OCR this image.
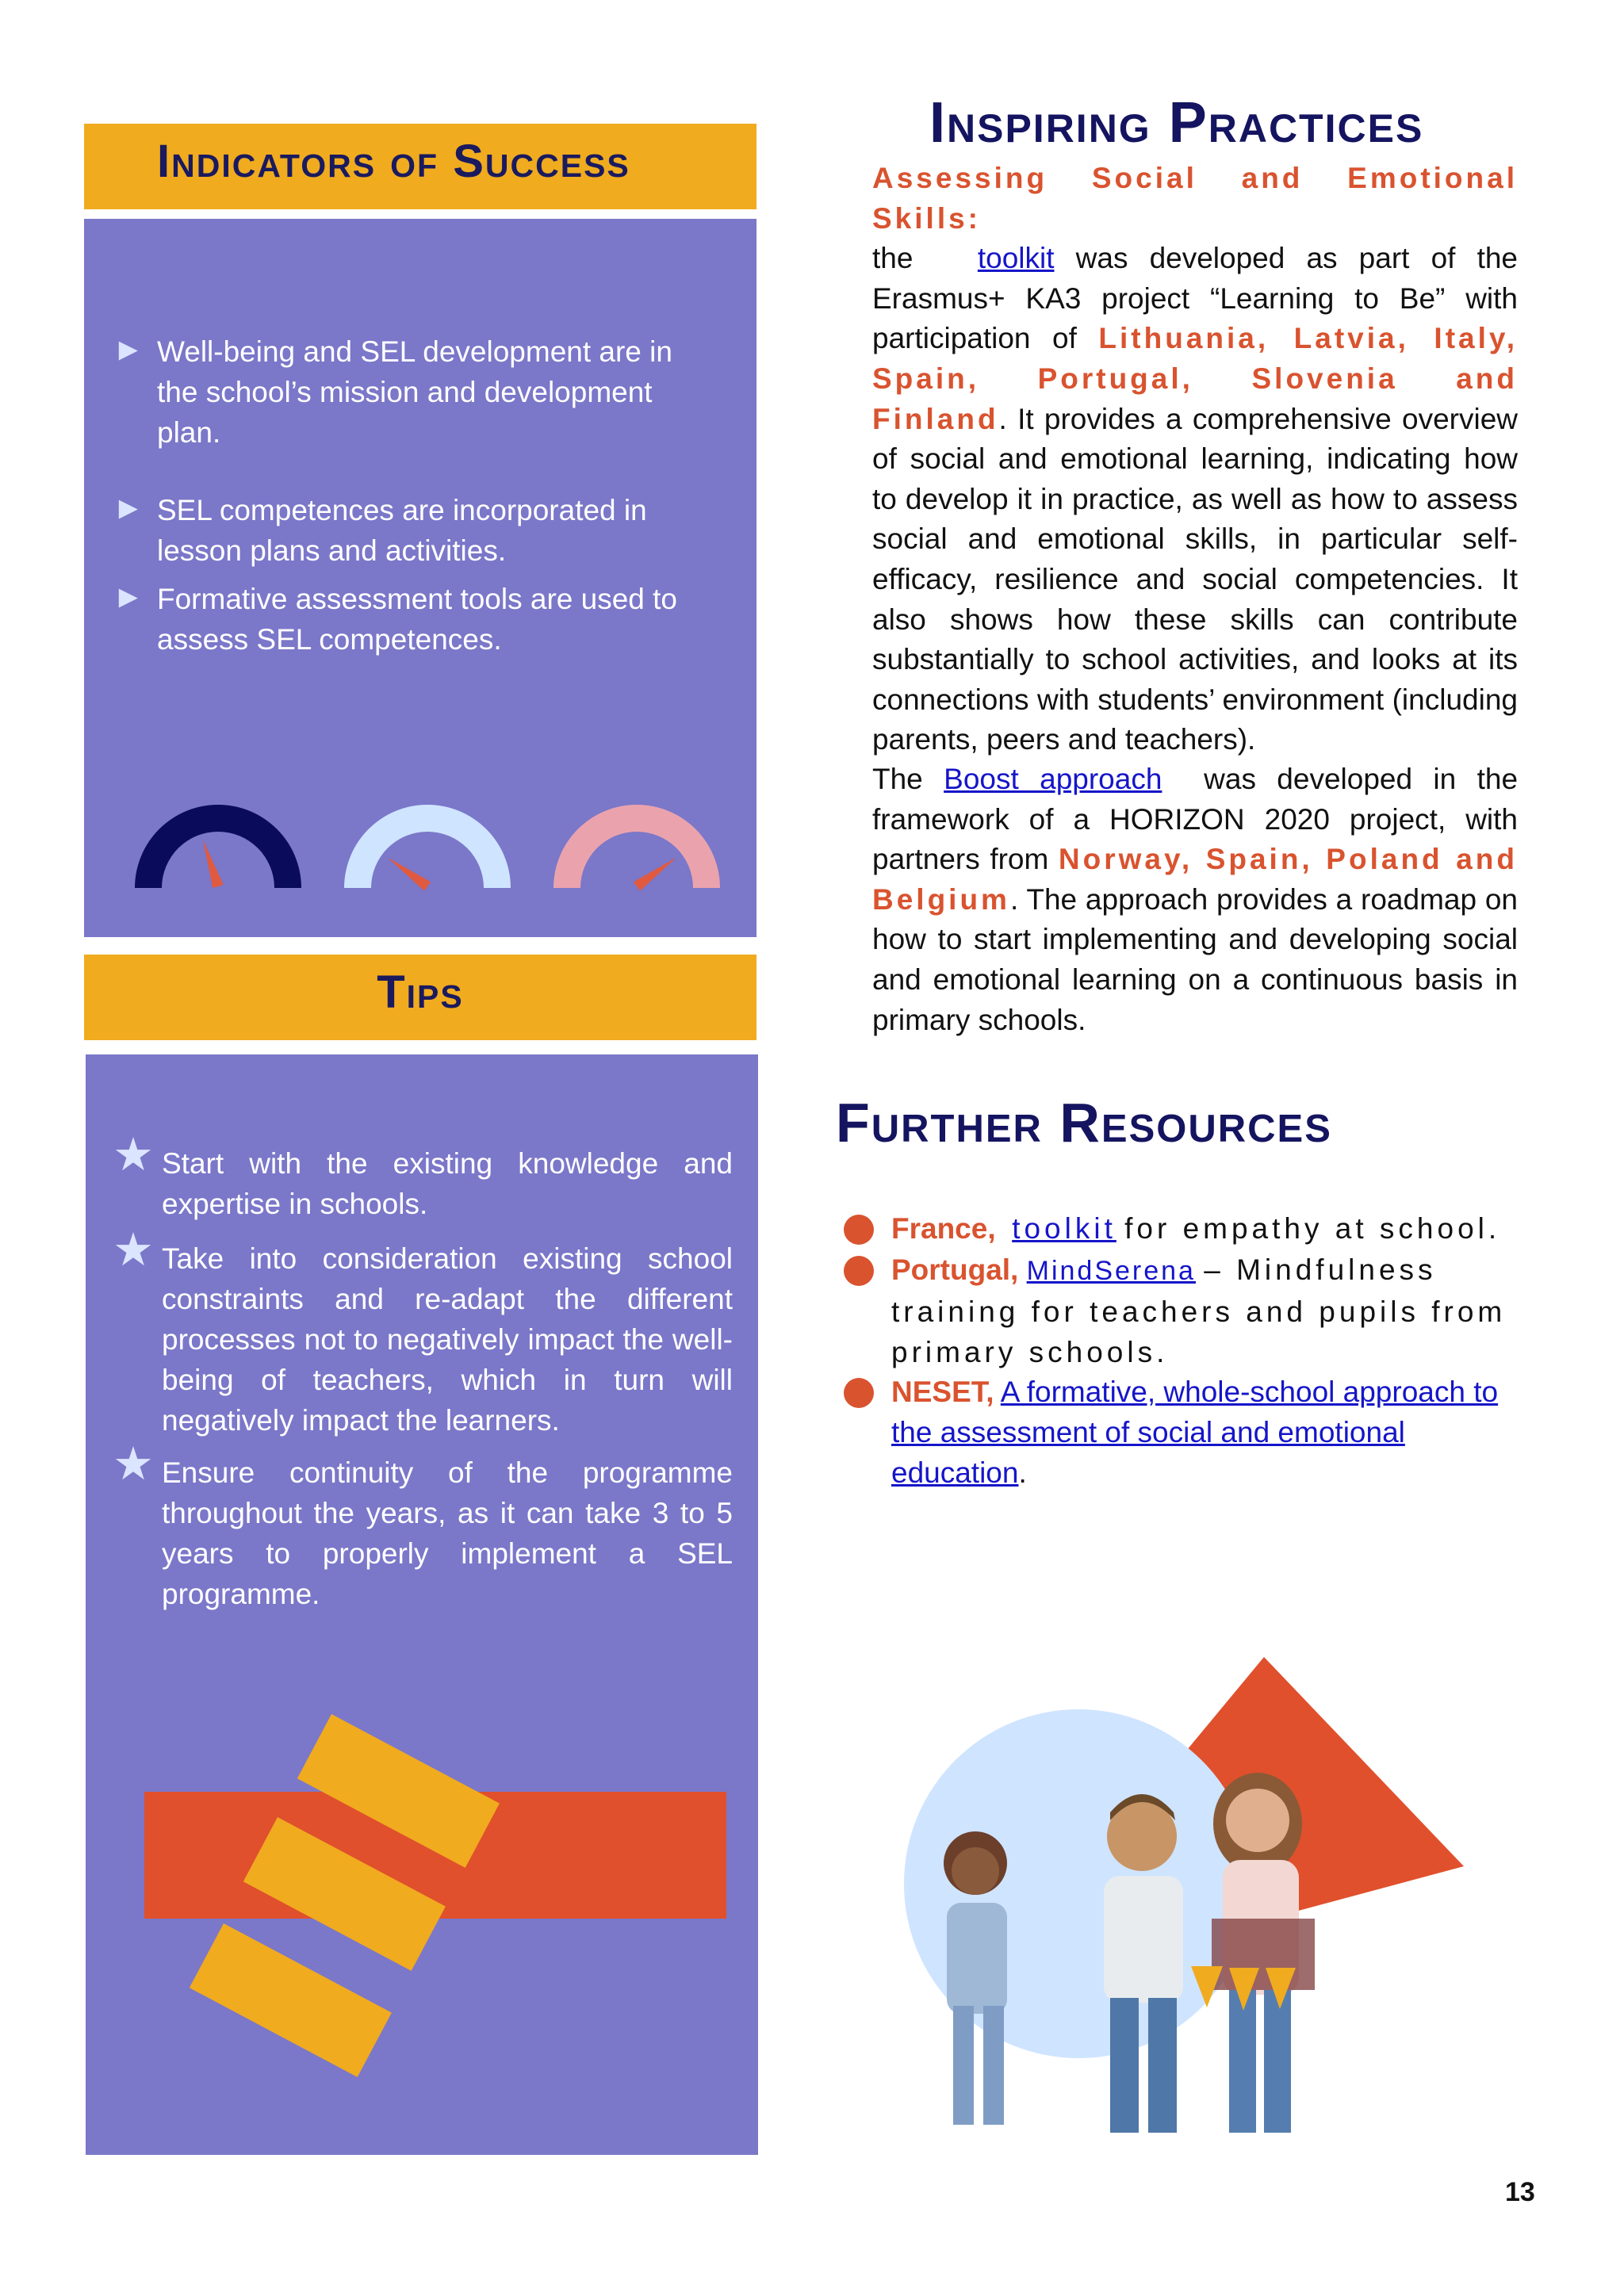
Indicators of Success
► Well-being and SEL development are in the school’s mission and development plan.
► SEL competences are incorporated in lesson plans and activities.
► Formative assessment tools are used to assess SEL competences.
Tips
★ Start with the existing knowledge and expertise in schools.
★ Take into consideration existing school constraints and re-adapt the different processes not to negatively impact the well-being of teachers, which in turn will negatively impact the learners.
★ Ensure continuity of the programme throughout the years, as it can take 3 to 5 years to properly implement a SEL programme.
Inspiring Practices
Assessing Social and Emotional Skills:
the toolkit was developed as part of the Erasmus+ KA3 project “Learning to Be” with participation of Lithuania, Latvia, Italy, Spain, Portugal, Slovenia and Finland. It provides a comprehensive overview of social and emotional learning, indicating how to develop it in practice, as well as how to assess social and emotional skills, in particular self-efficacy, resilience and social competencies. It also shows how these skills can contribute substantially to school activities, and looks at its connections with students’ environment (including parents, peers and teachers).
The Boost approach was developed in the framework of a HORIZON 2020 project, with partners from Norway, Spain, Poland and Belgium. The approach provides a roadmap on how to start implementing and developing social and emotional learning on a continuous basis in primary schools.
Further Resources
France, toolkit for empathy at school.
Portugal, MindSerena – Mindfulness training for teachers and pupils from primary schools.
NESET, A formative, whole-school approach to the assessment of social and emotional education.
13
